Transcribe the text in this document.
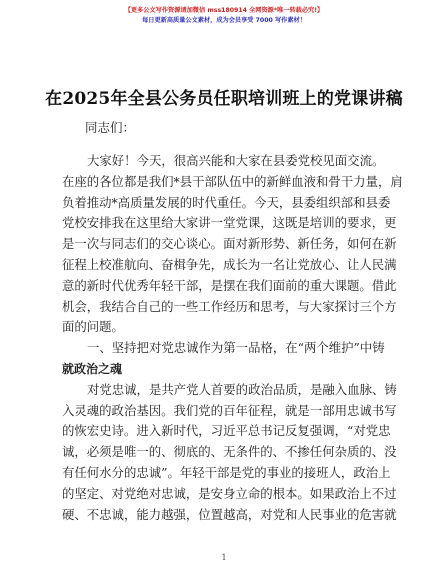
【更多公文写作资源请加微信 mss180914 全网资源*唯一转载必究!】
每日更新高质量公文素材，成为会员享受 7000 写作素材！
在2025年全县公务员任职培训班上的党课讲稿
同志们：
大家好！今天，很高兴能和大家在县委党校见面交流。
在座的各位都是我们*县干部队伍中的新鲜血液和骨干力量，肩
负着推动*高质量发展的时代重任。今天，县委组织部和县委
党校安排我在这里给大家讲一堂党课，这既是培训的要求，更
是一次与同志们的交心谈心。面对新形势、新任务，如何在新
征程上校准航向、奋楫争先，成长为一名让党放心、让人民满
意的新时代优秀年轻干部，是摆在我们面前的重大课题。借此
机会，我结合自己的一些工作经历和思考，与大家探讨三个方
面的问题。
一、坚持把对党忠诚作为第一品格，在“两个维护”中铸
就政治之魂
对党忠诚，是共产党人首要的政治品质，是融入血脉、铸
入灵魂的政治基因。我们党的百年征程，就是一部用忠诚书写
的恢宏史诗。进入新时代，习近平总书记反复强调，“对党忠
诚，必须是唯一的、彻底的、无条件的、不掺任何杂质的、没
有任何水分的忠诚”。年轻干部是党的事业的接班人，政治上
的坚定、对党绝对忠诚，是安身立命的根本。如果政治上不过
硬、不忠诚，能力越强，位置越高，对党和人民事业的危害就
1
